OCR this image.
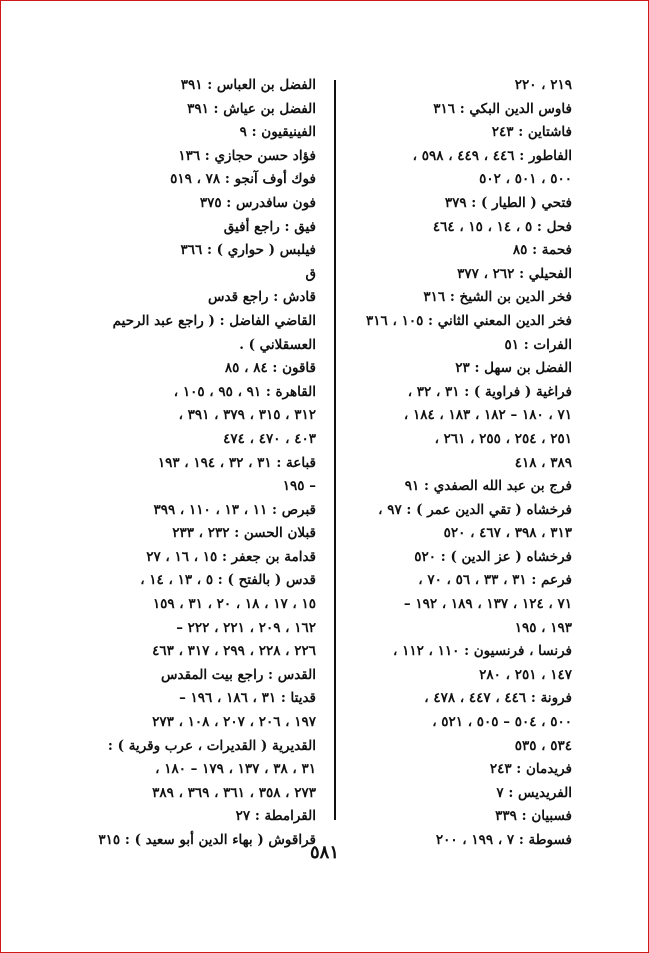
٢١٩ ، ٢٢٠
فاوس الدين البكي : ٣١٦
فاشتاين : ٢٤٣
الفاطور : ٤٤٦ ، ٤٤٩ ، ٥٩٨ ،
٥٠٠ ، ٥٠١ ، ٥٠٢
فتحي ( الطيار ) : ٣٧٩
فحل : ٥ ، ١٤ ، ١٥ ، ٤٦٤
فحمة : ٨٥
الفحيلي : ٢٦٢ ، ٣٧٧
فخر الدين بن الشيخ : ٣١٦
فخر الدين المعني الثاني : ١٠٥ ، ٣١٦
الفرات : ٥١
الفضل بن سهل : ٢٣
فراغية ( فراوية ) : ٣١ ، ٣٢ ،
٧١ ، ١٨٠ – ١٨٢ ، ١٨٣ ، ١٨٤ ،
٢٥١ ، ٢٥٤ ، ٢٥٥ ، ٢٦١ ،
٣٨٩ ، ٤١٨
فرج بن عبد الله الصفدي : ٩١
فرخشاه ( تقي الدين عمر ) : ٩٧ ،
٣١٣ ، ٣٩٨ ، ٤٦٧ ، ٥٢٠
فرخشاه ( عز الدين ) : ٥٢٠
فرعم : ٣١ ، ٣٣ ، ٥٦ ، ٧٠ ،
٧١ ، ١٢٤ ، ١٣٧ ، ١٨٩ ، ١٩٢ –
١٩٣ ، ١٩٥
فرنسا ، فرنسيون : ١١٠ ، ١١٢ ،
١٤٧ ، ٢٥١ ، ٢٨٠
فرونة : ٤٤٦ ، ٤٤٧ ، ٤٧٨ ،
٥٠٠ ، ٥٠٤ – ٥٠٥ ، ٥٢١ ،
٥٣٤ ، ٥٣٥
فريدمان : ٢٤٣
الفريديس : ٧
فسبيان : ٣٣٩
فسوطة : ٧ ، ١٩٩ ، ٢٠٠
الفضل بن العباس : ٣٩١
الفضل بن عياش : ٣٩١
الفينيقيون : ٩
فؤاد حسن حجازي : ١٣٦
فوك أوف آنجو : ٧٨ ، ٥١٩
فون سافدرس : ٣٧٥
فيق : راجع أفيق
فيلبس ( حواري ) : ٣٦٦
ق
قادش : راجع قدس
القاضي الفاضل : ( راجع عبد الرحيم
العسقلاني ) .
قاقون : ٨٤ ، ٨٥
القاهرة : ٩١ ، ٩٥ ، ١٠٥ ،
٣١٢ ، ٣١٥ ، ٣٧٩ ، ٣٩١ ،
٤٠٣ ، ٤٧٠ ، ٤٧٤
قباعة : ٣١ ، ٣٢ ، ١٩٤ ، ١٩٣
– ١٩٥
قبرص : ١١ ، ١٣ ، ١١٠ ، ٣٩٩
قبلان الحسن : ٢٣٢ ، ٢٣٣
قدامة بن جعفر : ١٥ ، ١٦ ، ٢٧
قدس ( بالفتح ) : ٥ ، ١٣ ، ١٤ ،
١٥ ، ١٧ ، ١٨ ، ٢٠ ، ٣١ ، ١٥٩
١٦٢ ، ٢٠٩ ، ٢٢١ ، ٢٢٢ –
٢٢٦ ، ٢٢٨ ، ٢٩٩ ، ٣١٧ ، ٤٦٣
القدس : راجع بيت المقدس
قديتا : ٣١ ، ١٨٦ ، ١٩٦ –
١٩٧ ، ٢٠٦ ، ٢٠٧ ، ١٠٨ ، ٢٧٣
القديرية ( القديرات ، عرب وقرية ) :
٣١ ، ٣٨ ، ١٣٧ ، ١٧٩ – ١٨٠ ،
٢٧٣ ، ٣٥٨ ، ٣٦١ ، ٣٦٩ ، ٣٨٩
القرامطة : ٢٧
قراقوش ( بهاء الدين أبو سعيد ) : ٣١٥
٥٨١
